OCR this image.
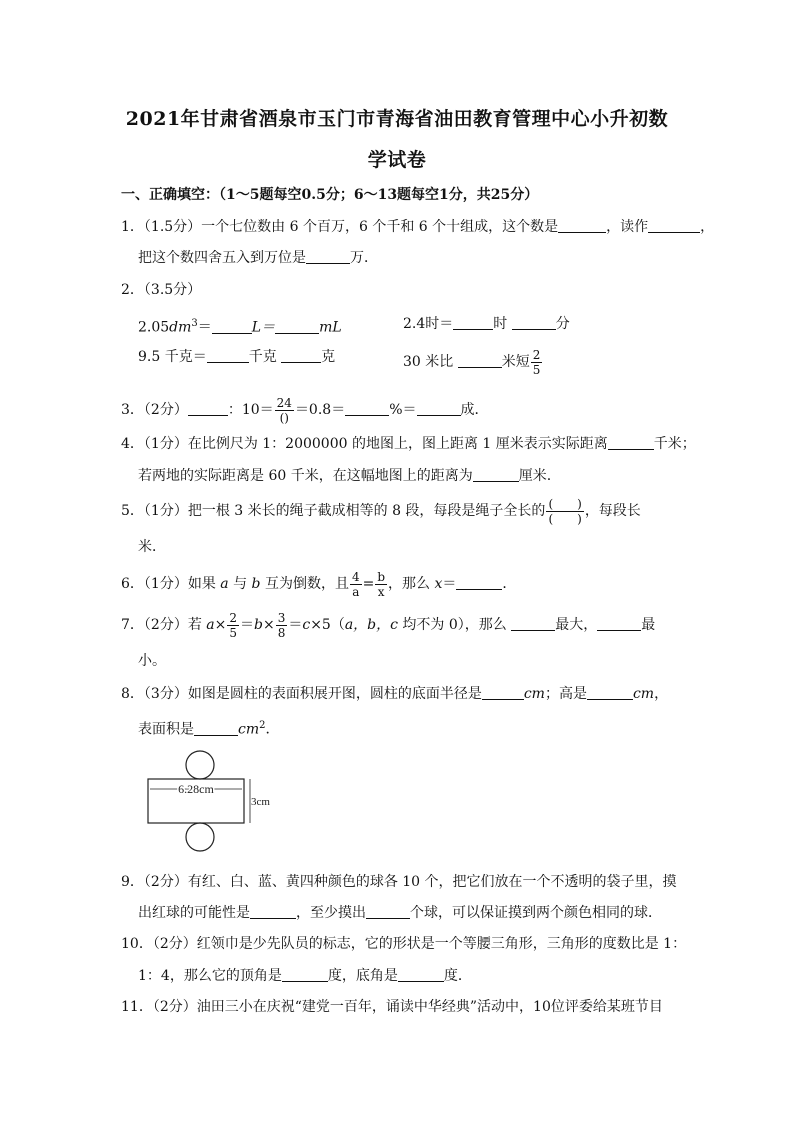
2021年甘肃省酒泉市玉门市青海省油田教育管理中心小升初数
学试卷
一、正确填空：（1～5题每空0.5分；6～13题每空1分，共25分）
1．（1.5分）一个七位数由 6 个百万，6 个千和 6 个十组成，这个数是	，读作	，
把这个数四舍五入到万位是	万．
2．（3.5分）
$2.05dm^3=$	L＝	mL	2.4时＝	时	分
9.5 千克＝	千克	克	30 米比	米短 $\frac{2}{5}$
3．（2分）	：$10= \frac{24}{()} =0.8=$	%＝	成．
4．（1分）在比例尺为 1：2000000 的地图上，图上距离 1 厘米表示实际距离	千米；
若两地的实际距离是 60 千米，在这幅地图上的距离为	厘米.
5．（1分）把一根 3 米长的绳子截成相等的 8 段，每段是绳子全长的 $\frac{( )}{( )}$ ，每段长
米．
6．（1分）如果 a 与 b 互为倒数，且 $\frac{4}{a} = \frac{b}{x}$ ，那么 x＝	．
7．（2分）若 $a\times \frac{2}{5} =b\times \frac{3}{8} =c\times 5(a$，b，c 均不为 0），那么	最大，	最
小。
8．（3分）如图是圆柱的表面积展开图，圆柱的底面半径是	cm；高是	cm，
表面积是	$cm^2$．
6.28cm
3cm
9．（2分）有红、白、蓝、黄四种颜色的球各 10 个，把它们放在一个不透明的袋子里，摸
出红球的可能性是	，至少摸出	个球，可以保证摸到两个颜色相同的球．
10．（2分）红领巾是少先队员的标志，它的形状是一个等腰三角形，三角形的度数比是 1：
1：4，那么它的顶角是	度，底角是	度．
11．（2分）油田三小在庆祝“建党一百年，诵读中华经典”活动中，10位评委给某班节目
